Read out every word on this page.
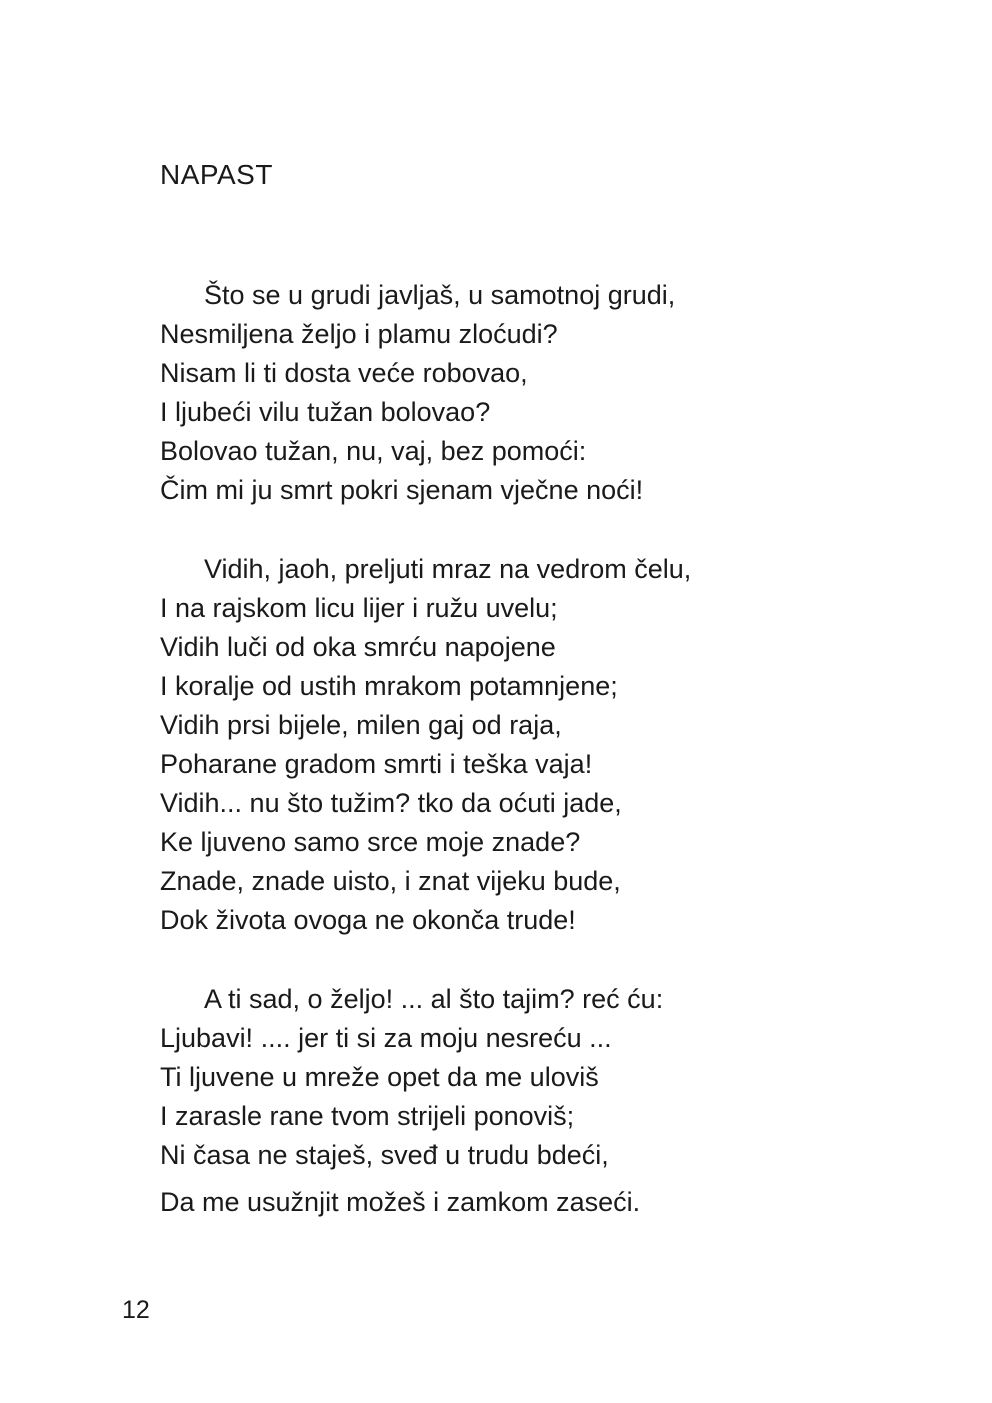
NAPAST
Što se u grudi javljaš, u samotnoj grudi,
Nesmiljena željo i plamu zloćudi?
Nisam li ti dosta veće robovao,
I ljubeći vilu tužan bolovao?
Bolovao tužan, nu, vaj, bez pomoći:
Čim mi ju smrt pokri sjenam vječne noći!
Vidih, jaoh, preljuti mraz na vedrom čelu,
I na rajskom licu lijer i ružu uvelu;
Vidih luči od oka smrću napojene
I koralje od ustih mrakom potamnjene;
Vidih prsi bijele, milen gaj od raja,
Poharane gradom smrti i teška vaja!
Vidih... nu što tužim? tko da oćuti jade,
Ke ljuveno samo srce moje znade?
Znade, znade uisto, i znat vijeku bude,
Dok života ovoga ne okonča trude!
A ti sad, o željo! ... al što tajim? reć ću:
Ljubavi! .... jer ti si za moju nesreću ...
Ti ljuvene u mreže opet da me uloviš
I zarasle rane tvom strijeli ponoviš;
Ni časa ne staješ, sveđ u trudu bdeći,
Da me usužnjit možeš i zamkom zaseći.

12
